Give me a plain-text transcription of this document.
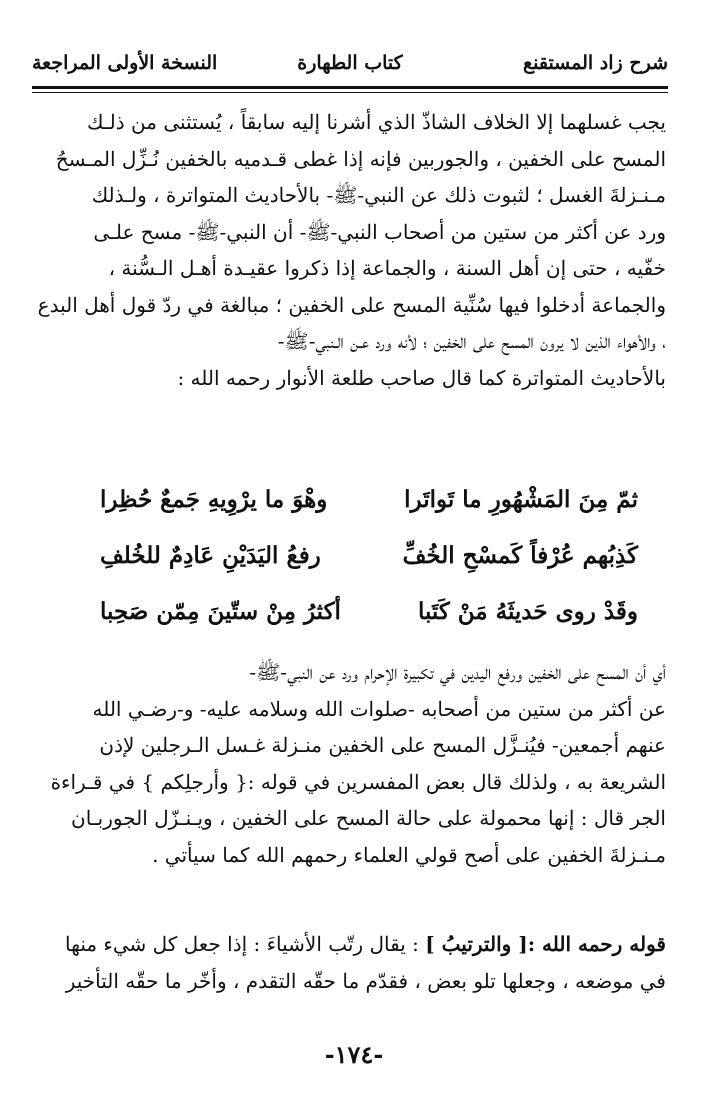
شرح زاد المستقنع
كتاب الطهارة
النسخة الأولى المراجعة
يجب غسلهما إلا الخلاف الشاذّ الذي أشرنا إليه سابقاً ، يُستثنى من ذلـك
المسح على الخفين ، والجوربين فإنه إذا غطى قـدميه بالخفين نُـزِّل المـسحُ
مـنـزلةَ الغسل ؛ لثبوت ذلك عن النبي-ﷺ- بالأحاديث المتواترة ، ولـذلك
ورد عن أكثر من ستين من أصحاب النبي-ﷺ- أن النبي-ﷺ- مسح علـى
خفّيه ، حتى إن أهل السنة ، والجماعة إذا ذكروا عقيـدة أهـل الـسُّنة ،
والجماعة أدخلوا فيها سُنِّية المسح على الخفين ؛ مبالغة في ردّ قول أهل البدع
، والأهواء الذين لا يرون المسح على الخفين ؛ لأنه ورد عـن الـنبي-ﷺ-
بالأحاديث المتواترة كما قال صاحب طلعة الأنوار رحمه الله :
ثمّ مِنَ المَشْهُورِ ما تَواتَرا
وهْوَ ما يرْوِيهِ جَمعٌ حُظِرا
كَذِبُهم عُرْفاً كَمسْحِ الخُفِّ
رفعُ اليَدَيْنِ عَادِمٌ للخُلفِ
وقَدْ روى حَديثَهُ مَنْ كَتَبا
أكثرُ مِنْ ستّينَ مِمّن صَحِبا
أي أن المسح على الخفين ورفع اليدين في تكبيرة الإحرام ورد عن النبي-ﷺ-
عن أكثر من ستين من أصحابه -صلوات الله وسلامه عليه- و-رضـي الله
عنهم أجمعين- فيُنـزَّل المسح على الخفين منـزلة غـسل الـرجلين لإذن
الشريعة به ، ولذلك قال بعض المفسرين في قوله :{ وأرجلِكم } في قـراءة
الجر قال : إنها محمولة على حالة المسح على الخفين ، ويـنـزّل الجوربـان
مـنـزلةَ الخفين على أصح قولي العلماء رحمهم الله كما سيأتي .
قوله رحمه الله :[ والترتيبُ ] : يقال رتّب الأشياءَ : إذا جعل كل شيء منها
في موضعه ، وجعلها تلو بعض ، فقدّم ما حقّه التقدم ، وأخّر ما حقّه التأخير
-١٧٤-
